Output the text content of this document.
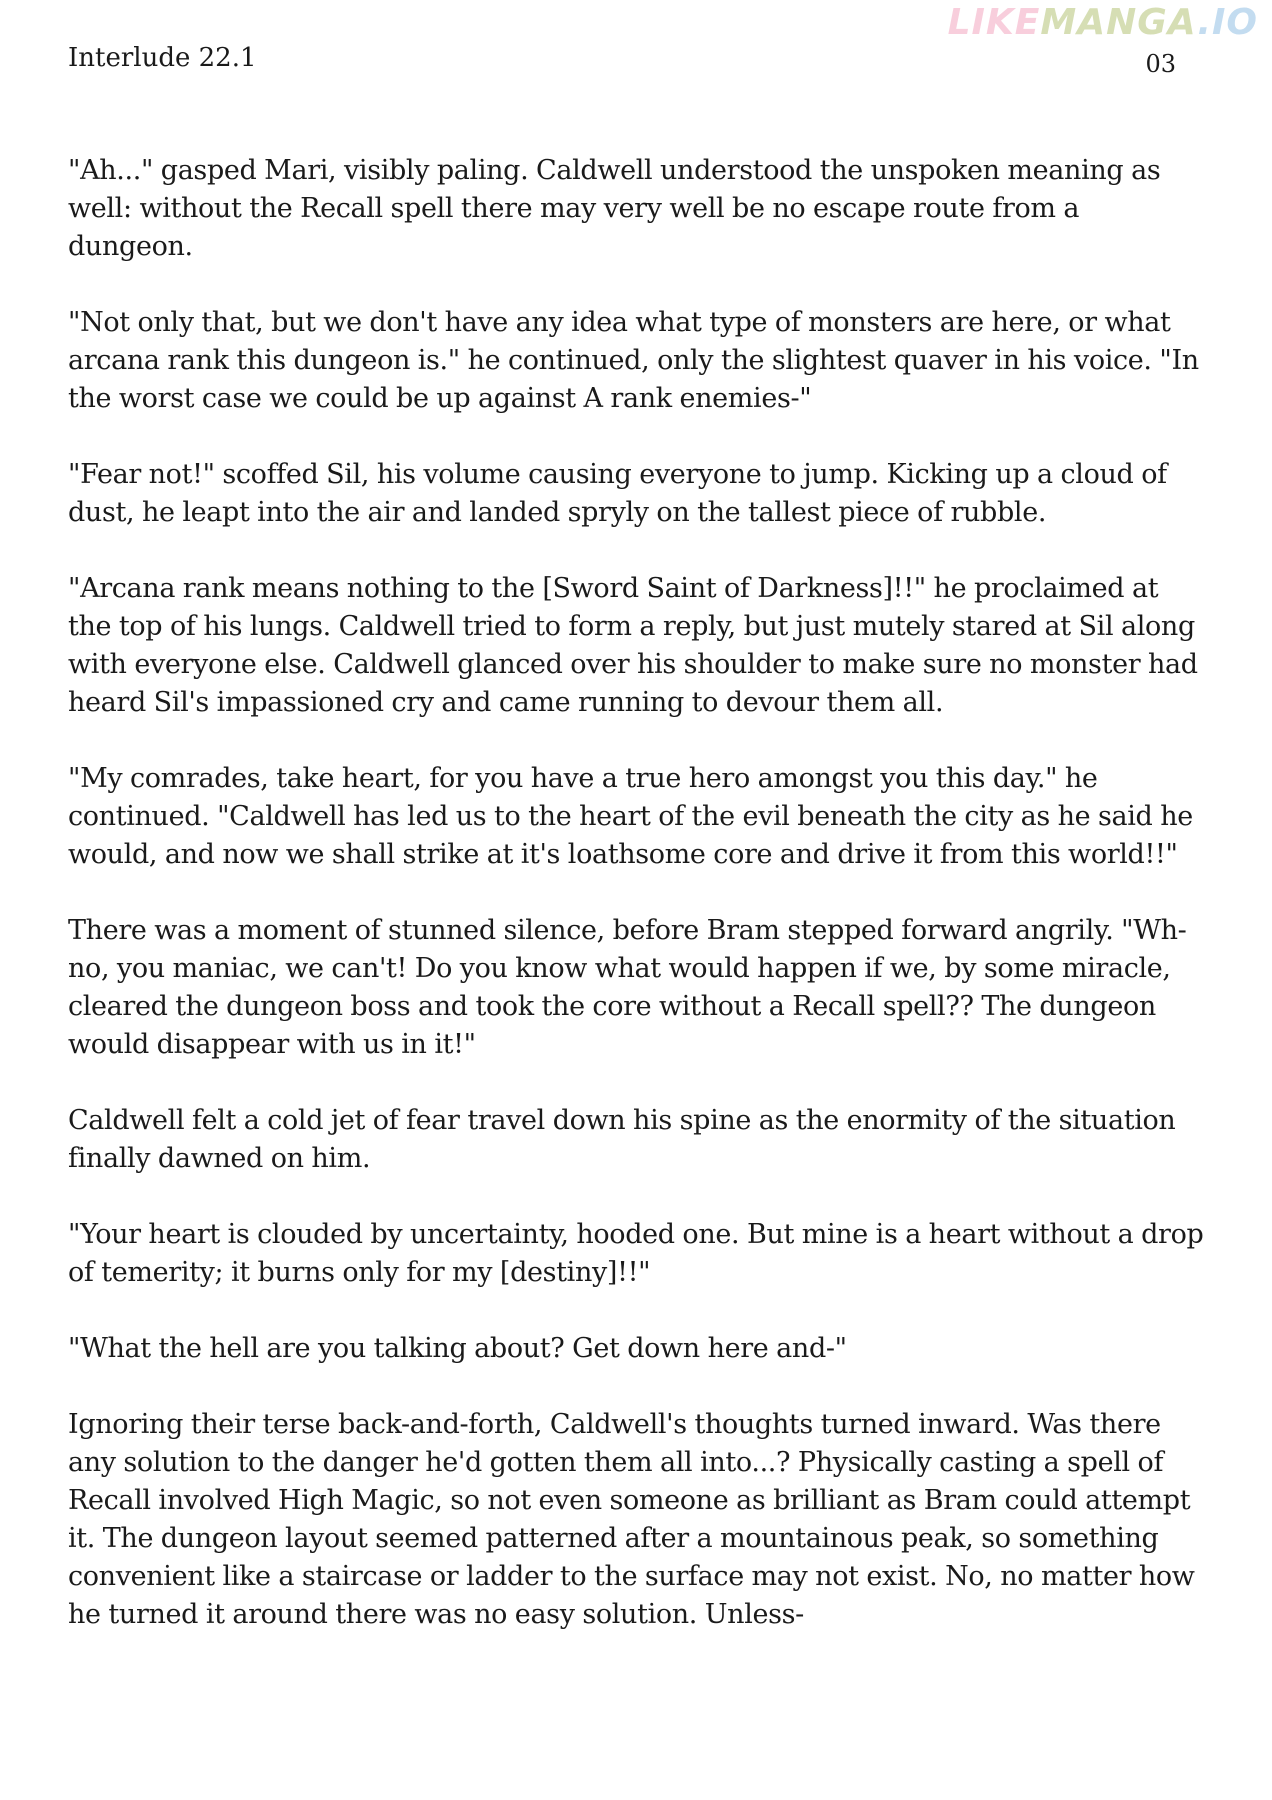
LIKEMANGA.IO
Interlude 22.1	03

"Ah..." gasped Mari, visibly paling. Caldwell understood the unspoken meaning as well: without the Recall spell there may very well be no escape route from a dungeon.

"Not only that, but we don't have any idea what type of monsters are here, or what arcana rank this dungeon is." he continued, only the slightest quaver in his voice. "In the worst case we could be up against A rank enemies-"

"Fear not!" scoffed Sil, his volume causing everyone to jump. Kicking up a cloud of dust, he leapt into the air and landed spryly on the tallest piece of rubble.

"Arcana rank means nothing to the [Sword Saint of Darkness]!!" he proclaimed at the top of his lungs. Caldwell tried to form a reply, but just mutely stared at Sil along with everyone else. Caldwell glanced over his shoulder to make sure no monster had heard Sil's impassioned cry and came running to devour them all.

"My comrades, take heart, for you have a true hero amongst you this day." he continued. "Caldwell has led us to the heart of the evil beneath the city as he said he would, and now we shall strike at it's loathsome core and drive it from this world!!"

There was a moment of stunned silence, before Bram stepped forward angrily. "Wh-no, you maniac, we can't! Do you know what would happen if we, by some miracle, cleared the dungeon boss and took the core without a Recall spell?? The dungeon would disappear with us in it!"

Caldwell felt a cold jet of fear travel down his spine as the enormity of the situation finally dawned on him.

"Your heart is clouded by uncertainty, hooded one. But mine is a heart without a drop of temerity; it burns only for my [destiny]!!"

"What the hell are you talking about? Get down here and-"

Ignoring their terse back-and-forth, Caldwell's thoughts turned inward. Was there any solution to the danger he'd gotten them all into...? Physically casting a spell of Recall involved High Magic, so not even someone as brilliant as Bram could attempt it. The dungeon layout seemed patterned after a mountainous peak, so something convenient like a staircase or ladder to the surface may not exist. No, no matter how he turned it around there was no easy solution. Unless-
